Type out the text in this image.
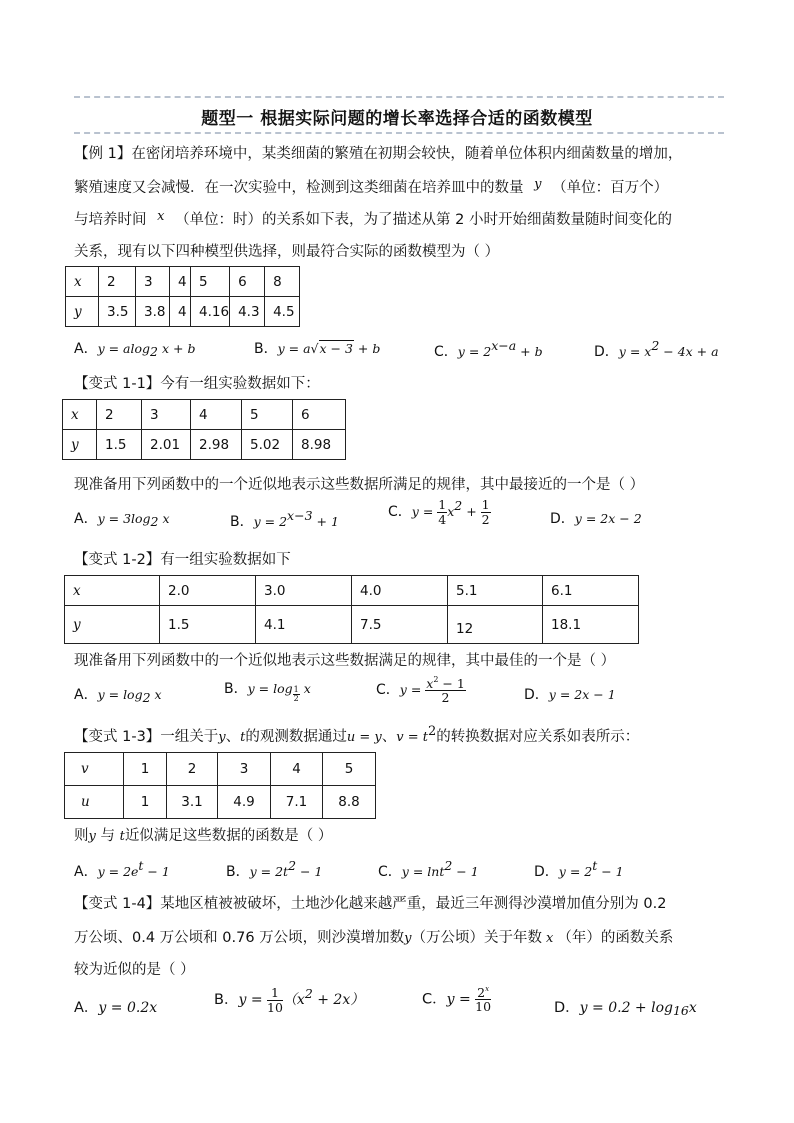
题型一 根据实际问题的增长率选择合适的函数模型
【例 1】在密闭培养环境中，某类细菌的繁殖在初期会较快，随着单位体积内细菌数量的增加，
繁殖速度又会减慢．在一次实验中，检测到这类细菌在培养皿中的数量 y （单位：百万个）
与培养时间 x （单位：时）的关系如下表，为了描述从第 2 小时开始细菌数量随时间变化的
关系，现有以下四种模型供选择，则最符合实际的函数模型为（ ）
x	2	3	4	5	6	8
y	3.5	3.8	4	4.16	4.3	4.5
A．y = alog$_2$ x + b	B．y = a√x − 3 + b	C．$y = 2^{x-a} + b$	D．$y = x^2 - 4x + a$
【变式 1-1】今有一组实验数据如下：
x	2	3	4	5	6
y	1.5	2.01	2.98	5.02	8.98
现准备用下列函数中的一个近似地表示这些数据所满足的规律，其中最接近的一个是（ ）
A．$y = 3\log_2$ x	B．$y = 2^{x-3} + 1$
C．$y = \frac{1}{4} x^2 + \frac{1}{2}$	D．y = 2x − 2
【变式 1-2】有一组实验数据如下
x	2.0	3.0	4.0	5.1	6.1
y	1.5	4.1	7.5	12	18.1
现准备用下列函数中的一个近似地表示这些数据满足的规律，其中最佳的一个是（ ）
A．$y = \log_2 x$	B．$y = \log \frac{1}{2}$ x	C．$y = \frac{x^2 - 1}{2}$	D．y = 2x − 1
【变式 1-3】一组关于y、t的观测数据通过u = y、$v = t^2$的转换数据对应关系如表所示：
v	1	2	3	4	5
u	1	3.1	4.9	7.1	8.8
则y 与 t近似满足这些数据的函数是（ ）
A．$y = 2e^t - 1$	B．$y = 2t^2 - 1$	C．y = lnt$^2$ − 1	D．$y = 2^t - 1$
【变式 1-4】某地区植被被破坏，土地沙化越来越严重，最近三年测得沙漠增加值分别为 0.2
万公顷、0.4 万公顷和 0.76 万公顷，则沙漠增加数y（万公顷）关于年数 x （年）的函数关系
较为近似的是（ ）
A．y = 0.2x	B．$y = \frac{1}{10} (x^2 + 2x)$	C．$y = \frac{2^x}{10}$	D．$y = 0.2 + \log_{16}x$
